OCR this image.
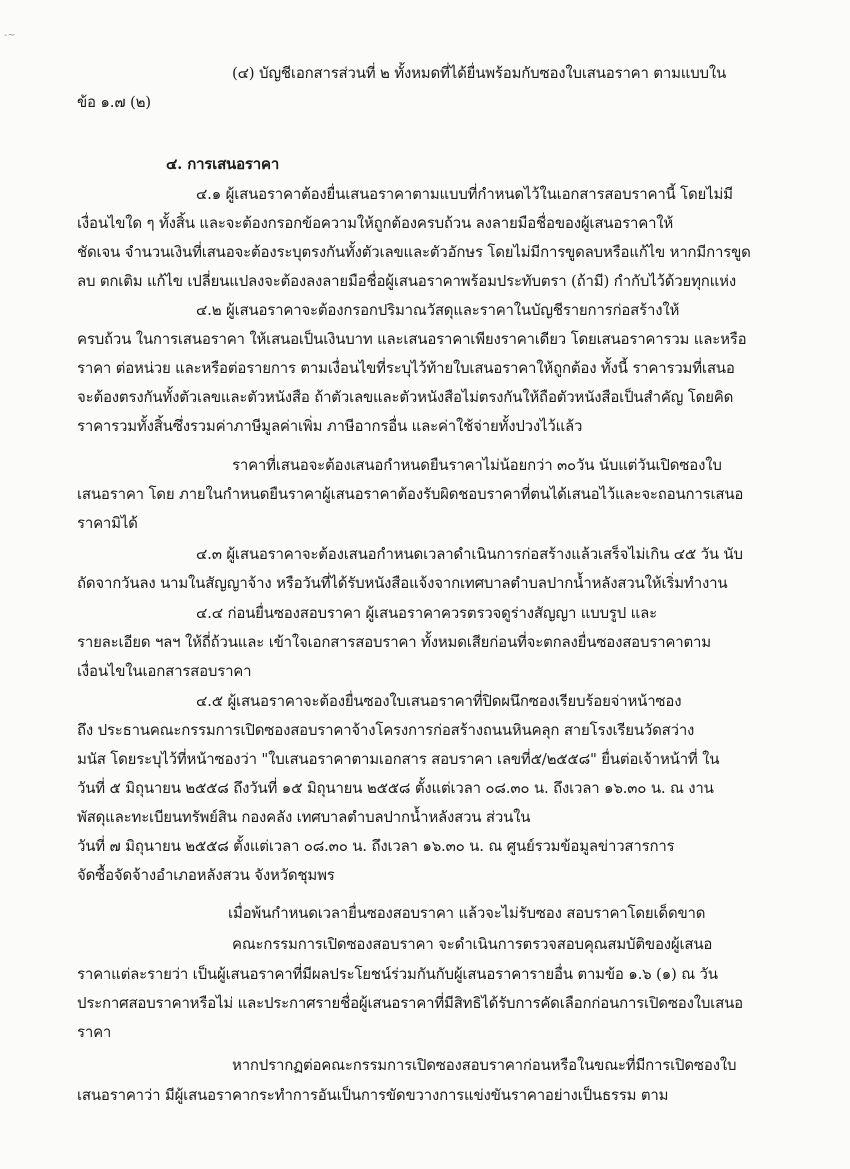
-~
(๔) บัญชีเอกสารส่วนที่ ๒ ทั้งหมดที่ได้ยื่นพร้อมกับซองใบเสนอราคา ตามแบบใน
ข้อ ๑.๗ (๒)
๔. การเสนอราคา
๔.๑ ผู้เสนอราคาต้องยื่นเสนอราคาตามแบบที่กำหนดไว้ในเอกสารสอบราคานี้ โดยไม่มี
เงื่อนไขใด ๆ ทั้งสิ้น และจะต้องกรอกข้อความให้ถูกต้องครบถ้วน ลงลายมือชื่อของผู้เสนอราคาให้
ชัดเจน จำนวนเงินที่เสนอจะต้องระบุตรงกันทั้งตัวเลขและตัวอักษร โดยไม่มีการขูดลบหรือแก้ไข หากมีการขูด
ลบ ตกเติม แก้ไข เปลี่ยนแปลงจะต้องลงลายมือชื่อผู้เสนอราคาพร้อมประทับตรา (ถ้ามี) กำกับไว้ด้วยทุกแห่ง
๔.๒ ผู้เสนอราคาจะต้องกรอกปริมาณวัสดุและราคาในบัญชีรายการก่อสร้างให้
ครบถ้วน ในการเสนอราคา ให้เสนอเป็นเงินบาท และเสนอราคาเพียงราคาเดียว โดยเสนอราคารวม และหรือ
ราคา ต่อหน่วย และหรือต่อรายการ ตามเงื่อนไขที่ระบุไว้ท้ายใบเสนอราคาให้ถูกต้อง ทั้งนี้ ราคารวมที่เสนอ
จะต้องตรงกันทั้งตัวเลขและตัวหนังสือ ถ้าตัวเลขและตัวหนังสือไม่ตรงกันให้ถือตัวหนังสือเป็นสำคัญ โดยคิด
ราคารวมทั้งสิ้นซึ่งรวมค่าภาษีมูลค่าเพิ่ม ภาษีอากรอื่น และค่าใช้จ่ายทั้งปวงไว้แล้ว
ราคาที่เสนอจะต้องเสนอกำหนดยืนราคาไม่น้อยกว่า ๓๐วัน นับแต่วันเปิดซองใบ
เสนอราคา โดย ภายในกำหนดยืนราคาผู้เสนอราคาต้องรับผิดชอบราคาที่ตนได้เสนอไว้และจะถอนการเสนอ
ราคามิได้
๔.๓ ผู้เสนอราคาจะต้องเสนอกำหนดเวลาดำเนินการก่อสร้างแล้วเสร็จไม่เกิน ๔๕ วัน นับ
ถัดจากวันลง นามในสัญญาจ้าง หรือวันที่ได้รับหนังสือแจ้งจากเทศบาลตำบลปากน้ำหลังสวนให้เริ่มทำงาน
๔.๔ ก่อนยื่นซองสอบราคา ผู้เสนอราคาควรตรวจดูร่างสัญญา แบบรูป และ
รายละเอียด ฯลฯ ให้ถี่ถ้วนและ เข้าใจเอกสารสอบราคา ทั้งหมดเสียก่อนที่จะตกลงยื่นซองสอบราคาตาม
เงื่อนไขในเอกสารสอบราคา
๔.๕ ผู้เสนอราคาจะต้องยื่นซองใบเสนอราคาที่ปิดผนึกซองเรียบร้อยจ่าหน้าซอง
ถึง ประธานคณะกรรมการเปิดซองสอบราคาจ้างโครงการก่อสร้างถนนหินคลุก สายโรงเรียนวัดสว่าง
มนัส โดยระบุไว้ที่หน้าซองว่า "ใบเสนอราคาตามเอกสาร สอบราคา เลขที่๕/๒๕๕๘" ยื่นต่อเจ้าหน้าที่ ใน
วันที่ ๕ มิถุนายน ๒๕๕๘ ถึงวันที่ ๑๕ มิถุนายน ๒๕๕๘ ตั้งแต่เวลา ๐๘.๓๐ น. ถึงเวลา ๑๖.๓๐ น. ณ งาน
พัสดุและทะเบียนทรัพย์สิน กองคลัง เทศบาลตำบลปากน้ำหลังสวน ส่วนใน
วันที่ ๗ มิถุนายน ๒๕๕๘ ตั้งแต่เวลา ๐๘.๓๐ น. ถึงเวลา ๑๖.๓๐ น. ณ ศูนย์รวมข้อมูลข่าวสารการ
จัดซื้อจัดจ้างอำเภอหลังสวน จังหวัดชุมพร
เมื่อพ้นกำหนดเวลายื่นซองสอบราคา แล้วจะไม่รับซอง สอบราคาโดยเด็ดขาด
คณะกรรมการเปิดซองสอบราคา จะดำเนินการตรวจสอบคุณสมบัติของผู้เสนอ
ราคาแต่ละรายว่า เป็นผู้เสนอราคาที่มีผลประโยชน์ร่วมกันกับผู้เสนอราคารายอื่น ตามข้อ ๑.๖ (๑) ณ วัน
ประกาศสอบราคาหรือไม่ และประกาศรายชื่อผู้เสนอราคาที่มีสิทธิได้รับการคัดเลือกก่อนการเปิดซองใบเสนอ
ราคา
หากปรากฏต่อคณะกรรมการเปิดซองสอบราคาก่อนหรือในขณะที่มีการเปิดซองใบ
เสนอราคาว่า มีผู้เสนอราคากระทำการอันเป็นการขัดขวางการแข่งขันราคาอย่างเป็นธรรม ตาม
